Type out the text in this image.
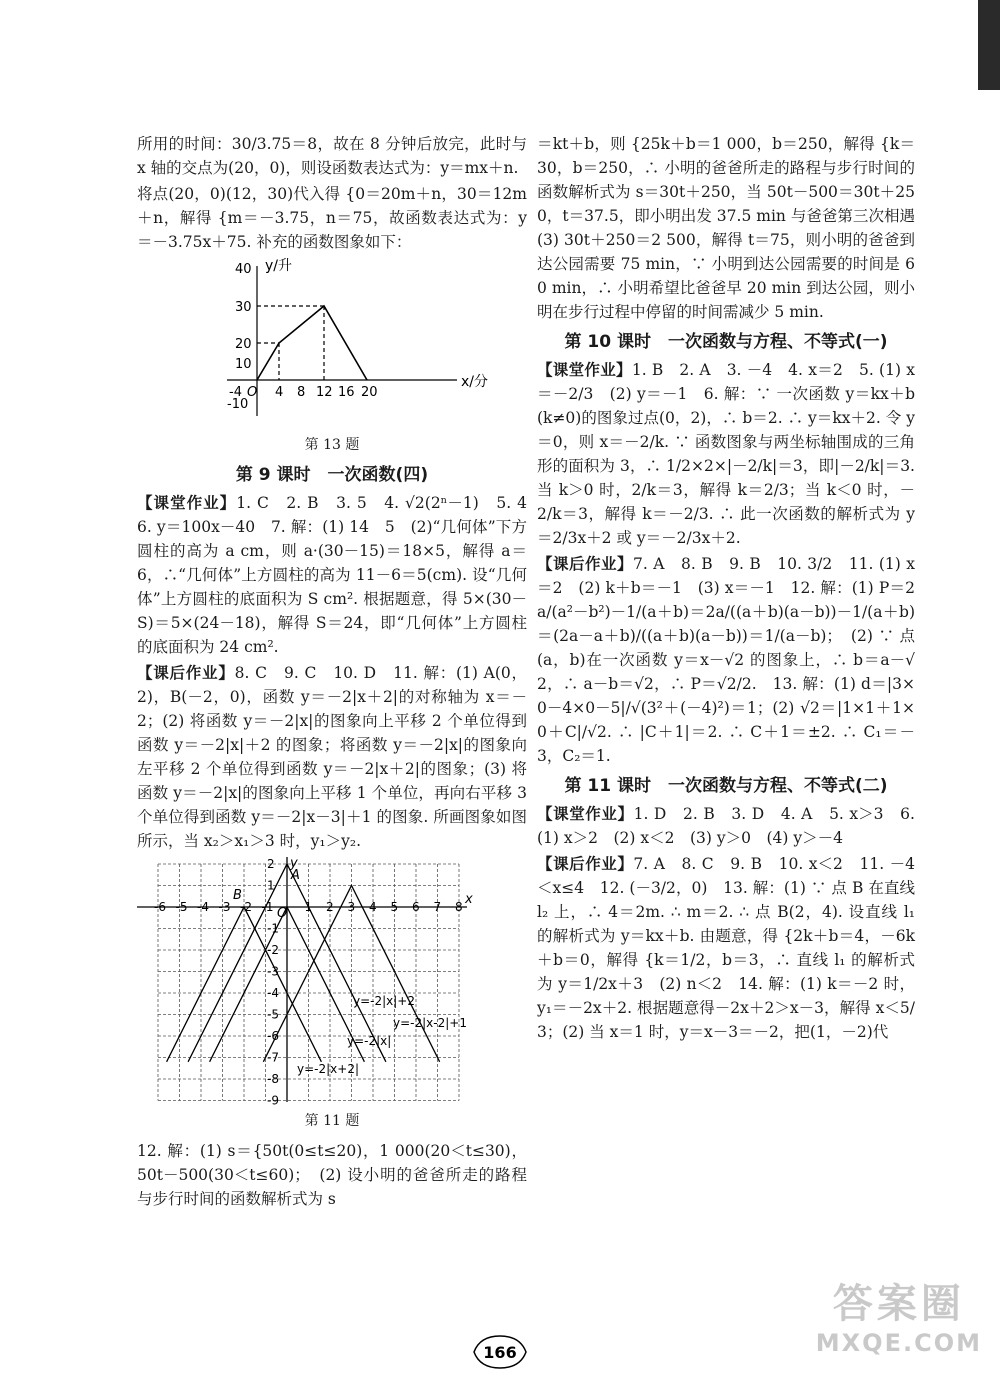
所用的时间：30/3.75＝8，故在 8 分钟后放完，此时与 x 轴的交点为(20，0)，则设函数表达式为：y＝mx＋n.

将点(20，0)(12，30)代入得 {0＝20m＋n，30＝12m＋n，解得 {m＝－3.75，n＝75，故函数表达式为：y＝－3.75x＋75. 补充的函数图象如下：

y/升
x/分
40
30
20
10
-10
-4 O 4 8 12 16 20
第 13 题
第 9 课时　一次函数(四)

【课堂作业】1. C　2. B　3. 5　4. √2(2ⁿ－1)　5. 4　6. y＝100x－40　7. 解：(1) 14　5　(2)“几何体”下方圆柱的高为 a cm，则 a·(30－15)＝18×5，解得 a＝6，∴“几何体”上方圆柱的高为 11－6＝5(cm). 设“几何体”上方圆柱的底面积为 S cm². 根据题意，得 5×(30－S)＝5×(24－18)，解得 S＝24，即“几何体”上方圆柱的底面积为 24 cm².

【课后作业】8. C　9. C　10. D　11. 解：(1) A(0，2)，B(－2，0)，函数 y＝－2|x＋2|的对称轴为 x＝－2；(2) 将函数 y＝－2|x|的图象向上平移 2 个单位得到函数 y＝－2|x|＋2 的图象；将函数 y＝－2|x|的图象向左平移 2 个单位得到函数 y＝－2|x＋2|的图象；(3) 将函数 y＝－2|x|的图象向上平移 1 个单位，再向右平移 3 个单位得到函数 y＝－2|x－3|＋1 的图象. 所画图象如图所示，当 x₂＞x₁＞3 时，y₁＞y₂.

x
y
A
B
O
-6 -5 -4 -3 -2 -1	1 2 3 4 5 6 7 8
2
1
-1
-2
-3
-4
-5
-6
-7
-8
-9
y=-2|x|+2
y=-2|x-2|+1
y=-2|x|
y=-2|x+2|
第 11 题

12. 解：(1) s＝{50t(0≤t≤20)，1 000(20＜t≤30)，50t－500(30＜t≤60)；　(2) 设小明的爸爸所走的路程与步行时间的函数解析式为 s

＝kt＋b，则 {25k＋b＝1 000，b＝250，解得 {k＝30，b＝250，∴ 小明的爸爸所走的路程与步行时间的函数解析式为 s＝30t＋250，当 50t－500＝30t＋250，t＝37.5，即小明出发 37.5 min 与爸爸第三次相遇　(3) 30t＋250＝2 500，解得 t＝75，则小明的爸爸到达公园需要 75 min，∵ 小明到达公园需要的时间是 60 min，∴ 小明希望比爸爸早 20 min 到达公园，则小明在步行过程中停留的时间需减少 5 min.

第 10 课时　一次函数与方程、不等式(一)

【课堂作业】1. B　2. A　3. －4　4. x＝2　5. (1) x＝－2/3　(2) y＝－1　6. 解：∵ 一次函数 y＝kx＋b(k≠0)的图象过点(0，2)，∴ b＝2. ∴ y＝kx＋2. 令 y＝0，则 x＝－2/k. ∵ 函数图象与两坐标轴围成的三角形的面积为 3，∴ 1/2×2×|－2/k|＝3，即|－2/k|＝3. 当 k＞0 时，2/k＝3，解得 k＝2/3；当 k＜0 时，－2/k＝3，解得 k＝－2/3. ∴ 此一次函数的解析式为 y＝2/3x＋2 或 y＝－2/3x＋2.

【课后作业】7. A　8. B　9. B　10. 3/2　11. (1) x＝2　(2) k＋b＝－1　(3) x＝－1　12. 解：(1) P＝2a/(a²－b²)－1/(a＋b)＝2a/((a＋b)(a－b))－1/(a＋b)＝(2a－a＋b)/((a＋b)(a－b))＝1/(a－b)；　(2) ∵ 点(a，b)在一次函数 y＝x－√2 的图象上，∴ b＝a－√2，∴ a－b＝√2，∴ P＝√2/2.　13. 解：(1) d＝|3×0－4×0－5|/√(3²＋(－4)²)＝1；(2) √2＝|1×1＋1×0＋C|/√2. ∴ |C＋1|＝2. ∴ C＋1＝±2. ∴ C₁＝－3，C₂＝1.

第 11 课时　一次函数与方程、不等式(二)

【课堂作业】1. D　2. B　3. D　4. A　5. x＞3　6. (1) x＞2　(2) x＜2　(3) y＞0　(4) y＞－4

【课后作业】7. A　8. C　9. B　10. x＜2　11. －4＜x≤4　12. (－3/2，0)　13. 解：(1) ∵ 点 B 在直线 l₂ 上，∴ 4＝2m. ∴ m＝2. ∴ 点 B(2，4). 设直线 l₁ 的解析式为 y＝kx＋b. 由题意，得 {2k＋b＝4，－6k＋b＝0，解得 {k＝1/2，b＝3，∴ 直线 l₁ 的解析式为 y＝1/2x＋3　(2) n＜2　14. 解：(1) k＝－2 时，y₁＝－2x＋2. 根据题意得－2x＋2＞x－3，解得 x＜5/3；(2) 当 x＝1 时，y＝x－3＝－2，把(1，－2)代

166
答案圈
MXQE.COM
